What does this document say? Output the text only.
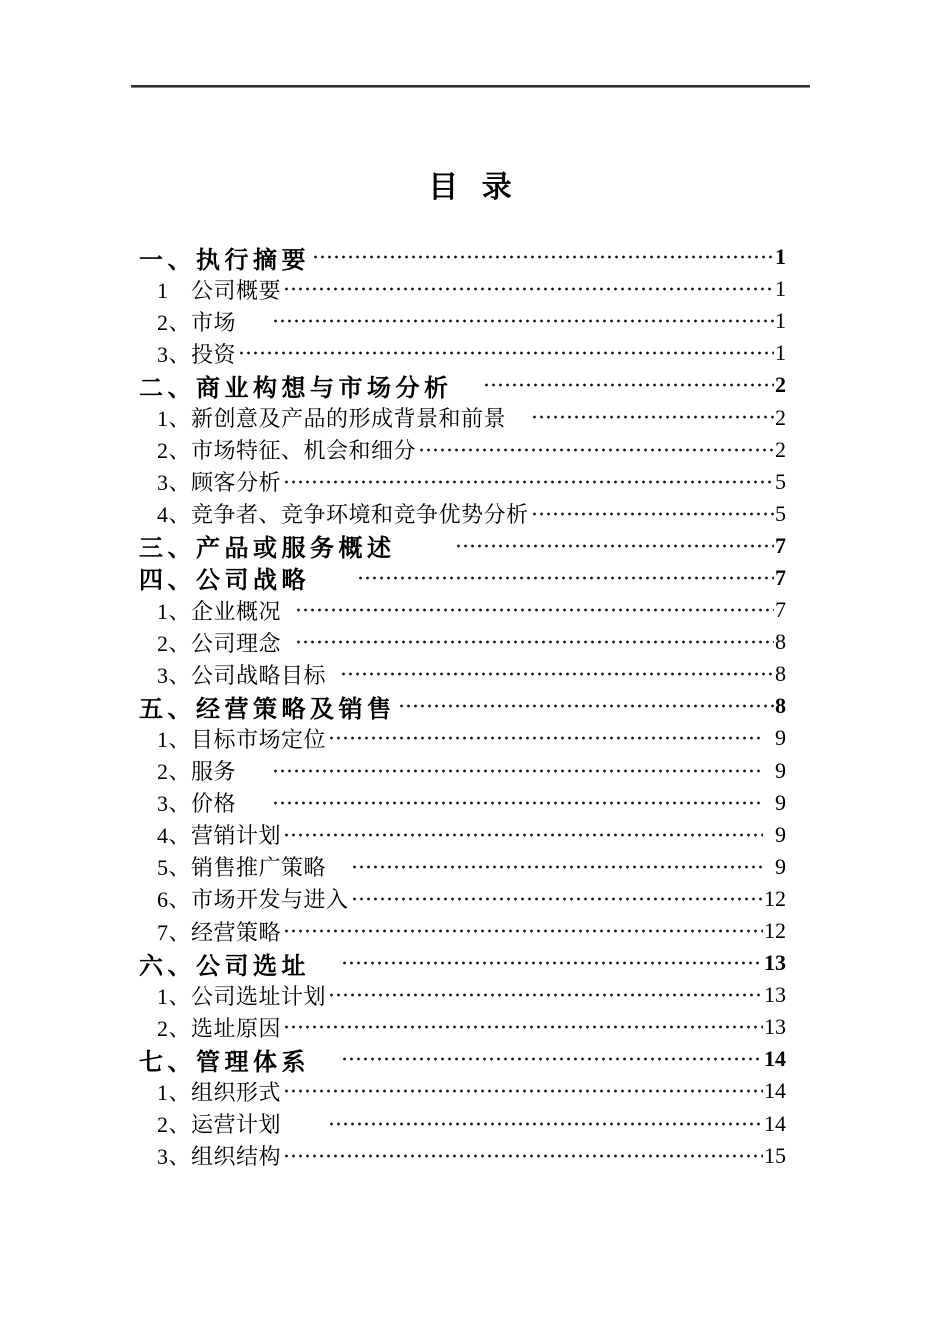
目 录
一、执行摘要	1
1　公司概要	1
2、市场　 	1
3、投资	1
二、商业构想与市场分析　	2
1、新创意及产品的形成背景和前景　	2
2、市场特征、机会和细分	2
3、顾客分析	5
4、竞争者、竞争环境和竞争优势分析	5
三、产品或服务概述　　	7
四、公司战略　 	7
1、企业概况 	7
2、公司理念 	8
3、公司战略目标 	8
五、经营策略及销售	8
1、目标市场定位	 9
2、服务　 	 9
3、价格　 	 9
4、营销计划	 9
5、销售推广策略　	 9
6、市场开发与进入	12
7、经营策略	12
六、公司选址　	13
1、公司选址计划	13
2、选址原因	13
七、管理体系　	14
1、组织形式	14
2、运营计划　　	14
3、组织结构	15
